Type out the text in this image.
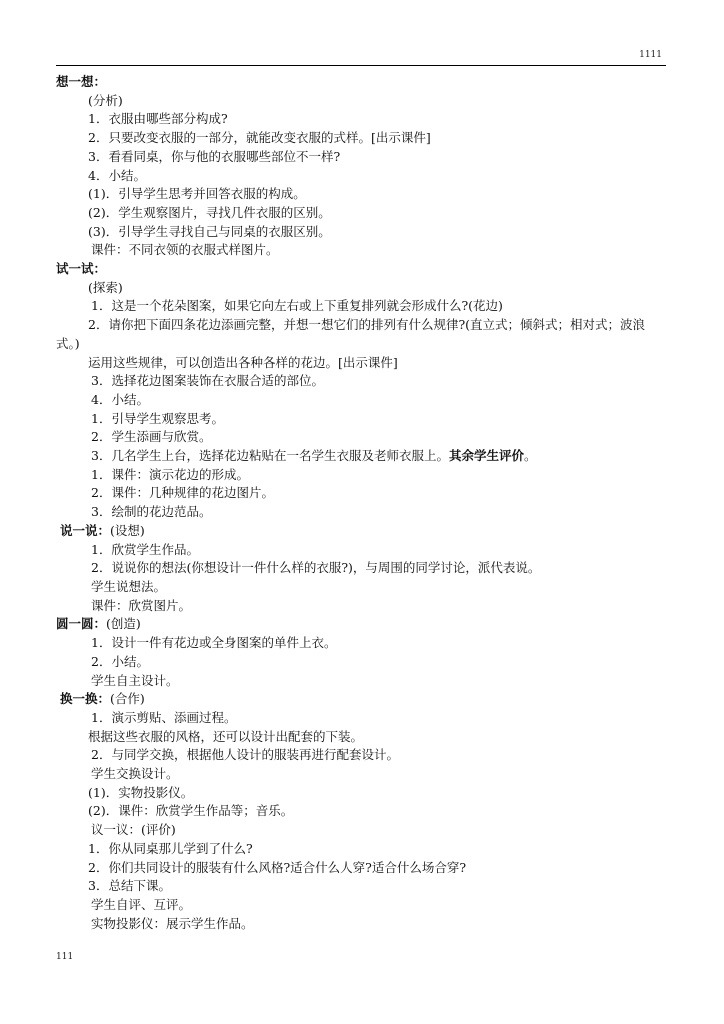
1111
想一想：
(分析)
1．衣服由哪些部分构成?
2．只要改变衣服的一部分，就能改变衣服的式样。[出示课件]
3．看看同桌，你与他的衣服哪些部位不一样?
4．小结。
(1)．引导学生思考并回答衣服的构成。
(2)．学生观察图片，寻找几件衣服的区别。
(3)．引导学生寻找自己与同桌的衣服区别。
课件：不同衣领的衣服式样图片。
试一试：
(探索)
1．这是一个花朵图案，如果它向左右或上下重复排列就会形成什么?(花边)
2．请你把下面四条花边添画完整，并想一想它们的排列有什么规律?(直立式；倾斜式；相对式；波浪式。)
运用这些规律，可以创造出各种各样的花边。[出示课件]
3．选择花边图案装饰在衣服合适的部位。
4．小结。
1．引导学生观察思考。
2．学生添画与欣赏。
3．几名学生上台，选择花边粘贴在一名学生衣服及老师衣服上。其余学生评价。
1．课件：演示花边的形成。
2．课件：几种规律的花边图片。
3．绘制的花边范品。
说一说：(设想)
1．欣赏学生作品。
2．说说你的想法(你想设计一件什么样的衣服?)，与周围的同学讨论，派代表说。
学生说想法。
课件：欣赏图片。
圆一圆：(创造)
1．设计一件有花边或全身图案的单件上衣。
2．小结。
学生自主设计。
换一换：(合作)
1．演示剪贴、添画过程。
根据这些衣服的风格，还可以设计出配套的下装。
2．与同学交换，根据他人设计的服装再进行配套设计。
学生交换设计。
(1)．实物投影仪。
(2)．课件：欣赏学生作品等；音乐。
议一议：(评价)
1．你从同桌那儿学到了什么?
2．你们共同设计的服装有什么风格?适合什么人穿?适合什么场合穿?
3．总结下课。
学生自评、互评。
实物投影仪：展示学生作品。
111
